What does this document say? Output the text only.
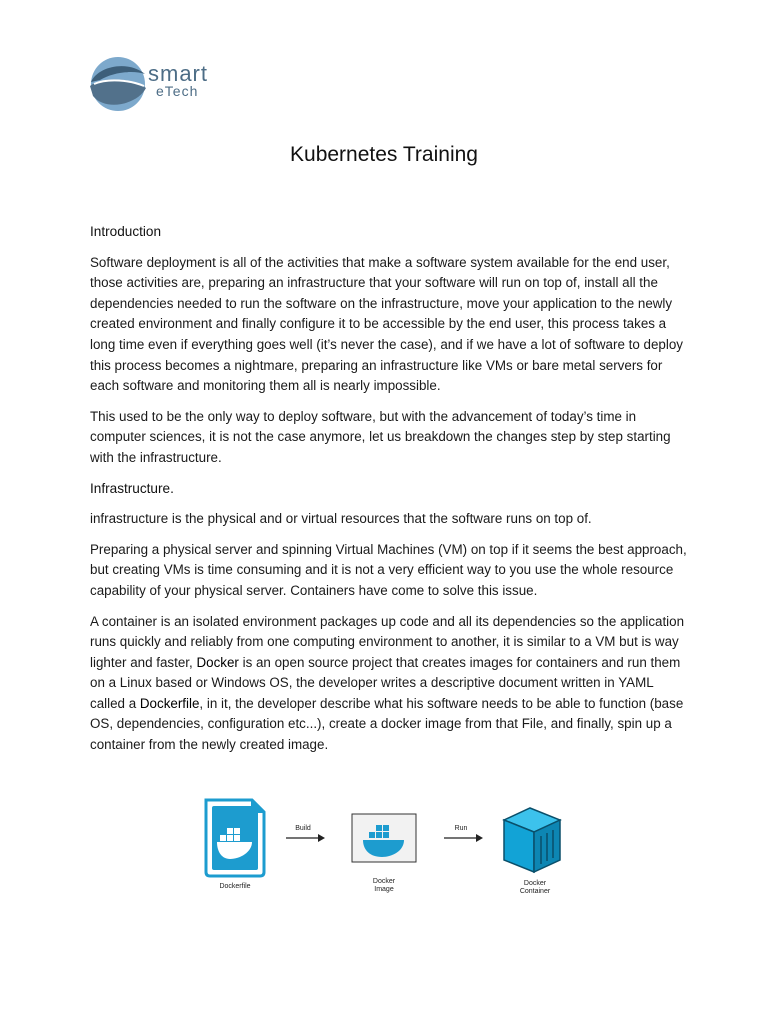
smart
eTech
Kubernetes Training
Introduction

Software deployment is all of the activities that make a software system available for the end user, those activities are, preparing an infrastructure that your software will run on top of, install all the dependencies needed to run the software on the infrastructure, move your application to the newly created environment and finally configure it to be accessible by the end user, this process takes a long time even if everything goes well (it’s never the case), and if we have a lot of software to deploy this process becomes a nightmare, preparing an infrastructure like VMs or bare metal servers for each software and monitoring them all is nearly impossible.

This used to be the only way to deploy software, but with the advancement of today’s time in computer sciences, it is not the case anymore, let us breakdown the changes step by step starting with the infrastructure.

Infrastructure.

infrastructure is the physical and or virtual resources that the software runs on top of.

Preparing a physical server and spinning Virtual Machines (VM) on top if it seems the best approach, but creating VMs is time consuming and it is not a very efficient way to you use the whole resource capability of your physical server. Containers have come to solve this issue.

A container is an isolated environment packages up code and all its dependencies so the application runs quickly and reliably from one computing environment to another, it is similar to a VM but is way lighter and faster, Docker is an open source project that creates images for containers and run them on a Linux based or Windows OS, the developer writes a descriptive document written in YAML called a Dockerfile, in it, the developer describe what his software needs to be able to function (base OS, dependencies, configuration etc...), create a docker image from that File, and finally, spin up a container from the newly created image.

Build	Run
Dockerfile
Docker
Image
Docker
Container
